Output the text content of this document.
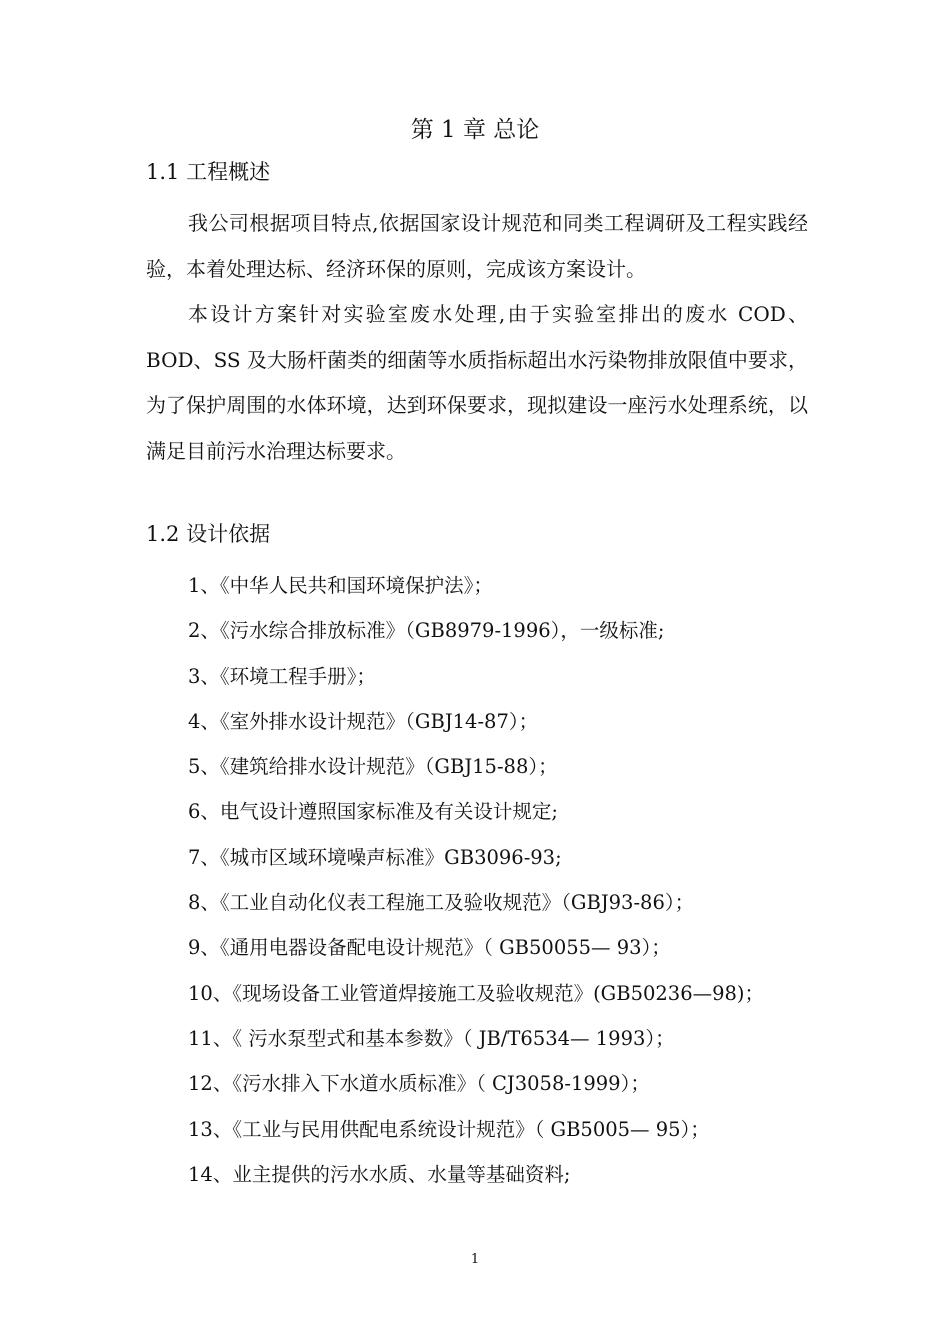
第 1 章 总论
1.1 工程概述

我公司根据项目特点,依据国家设计规范和同类工程调研及工程实践经验，本着处理达标、经济环保的原则，完成该方案设计。

本设计方案针对实验室废水处理,由于实验室排出的废水 COD、BOD、SS 及大肠杆菌类的细菌等水质指标超出水污染物排放限值中要求，为了保护周围的水体环境，达到环保要求，现拟建设一座污水处理系统，以满足目前污水治理达标要求。

1.2 设计依据
1、《中华人民共和国环境保护法》；
2、《污水综合排放标准》（GB8979-1996），一级标准;
3、《环境工程手册》；
4、《室外排水设计规范》（GBJ14-87）；
5、《建筑给排水设计规范》（GBJ15-88）；
6、电气设计遵照国家标准及有关设计规定;
7、《城市区域环境噪声标准》GB3096-93;
8、《工业自动化仪表工程施工及验收规范》（GBJ93-86）；
9、《通用电器设备配电设计规范》（ GB50055— 93）；
10、《现场设备工业管道焊接施工及验收规范》(GB50236—98)；
11、《 污水泵型式和基本参数》（ JB/T6534— 1993）；
12、《污水排入下水道水质标准》（ CJ3058-1999）；
13、《工业与民用供配电系统设计规范》（ GB5005— 95）；
14、业主提供的污水水质、水量等基础资料;
1
